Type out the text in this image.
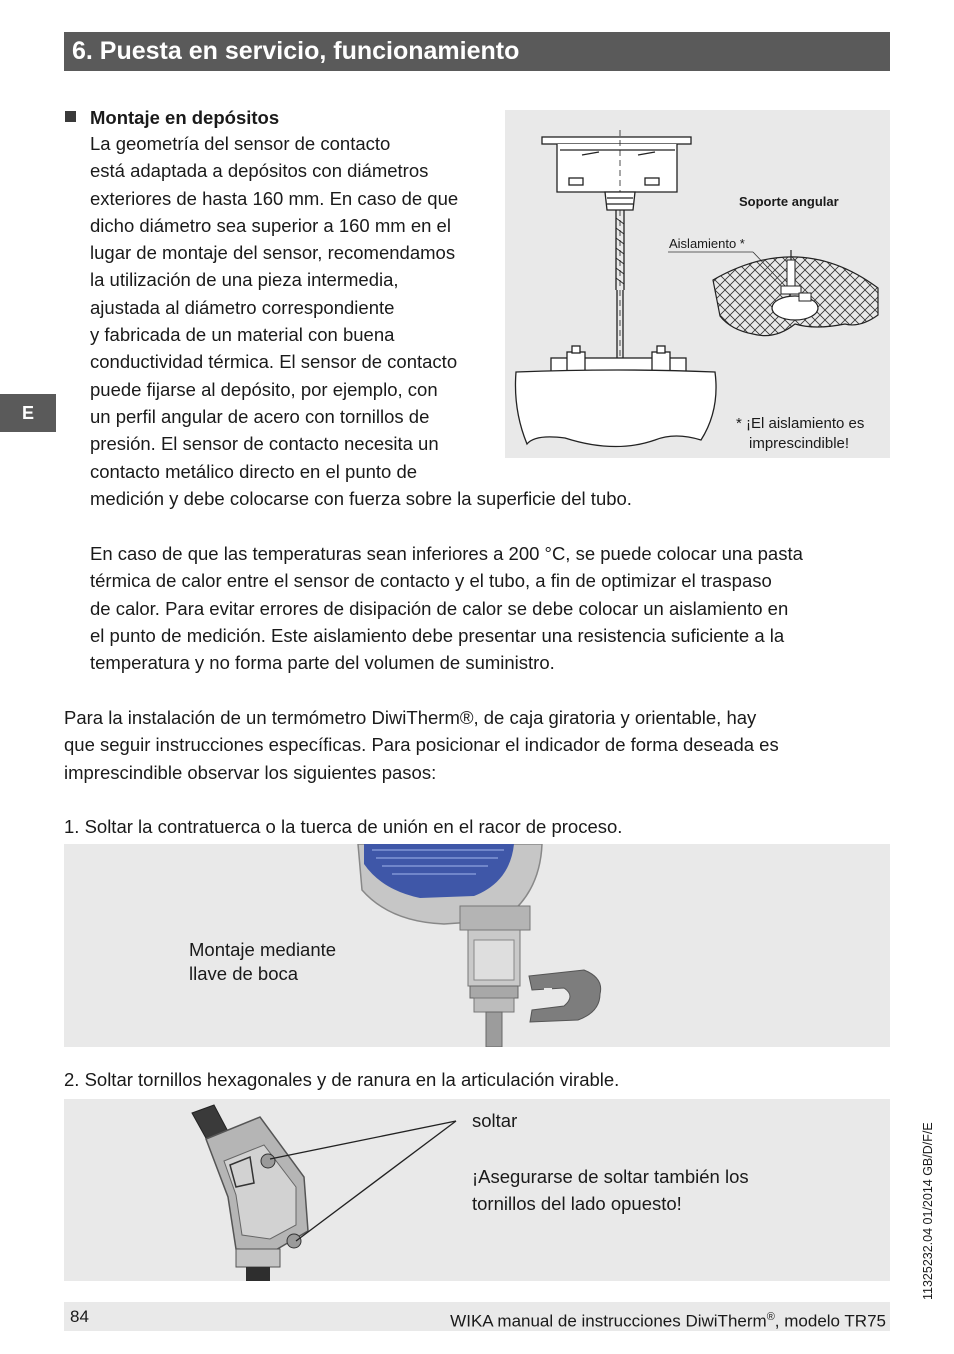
6. Puesta en servicio, funcionamiento
E
Montaje en depósitos

La geometría del sensor de contacto

está adaptada a depósitos con diámetros

exteriores de hasta 160 mm. En caso de que

dicho diámetro sea superior a 160 mm en el

lugar de montaje del sensor, recomendamos

la utilización de una pieza intermedia,

ajustada al diámetro correspondiente

y fabricada de un material con buena

conductividad térmica. El sensor de contacto

puede fijarse al depósito, por ejemplo, con

un perfil angular de acero con tornillos de

presión. El sensor de contacto necesita un

contacto metálico directo en el punto de

medición y debe colocarse con fuerza sobre la superficie del tubo.

En caso de que las temperaturas sean inferiores a 200 °C, se puede colocar una pasta

térmica de calor entre el sensor de contacto y el tubo, a fin de optimizar el traspaso

de calor. Para evitar errores de disipación de calor se debe colocar un aislamiento en

el punto de medición. Este aislamiento debe presentar una resistencia suficiente a la

temperatura y no forma parte del volumen de suministro.

Soporte angular
Aislamiento *
* ¡El aislamiento es
imprescindible!

Para la instalación de un termómetro DiwiTherm®, de caja giratoria y orientable, hay

que seguir instrucciones específicas. Para posicionar el indicador de forma deseada es

imprescindible observar los siguientes pasos:

1. Soltar la contratuerca o la tuerca de unión en el racor de proceso.
Montaje mediante
llave de boca
2. Soltar tornillos hexagonales y de ranura en la articulación virable.
soltar
¡Asegurarse de soltar también los
tornillos del lado opuesto!	11325232.04 01/2014 GB/D/F/E
84	WIKA manual de instrucciones DiwiTherm®, modelo TR75
